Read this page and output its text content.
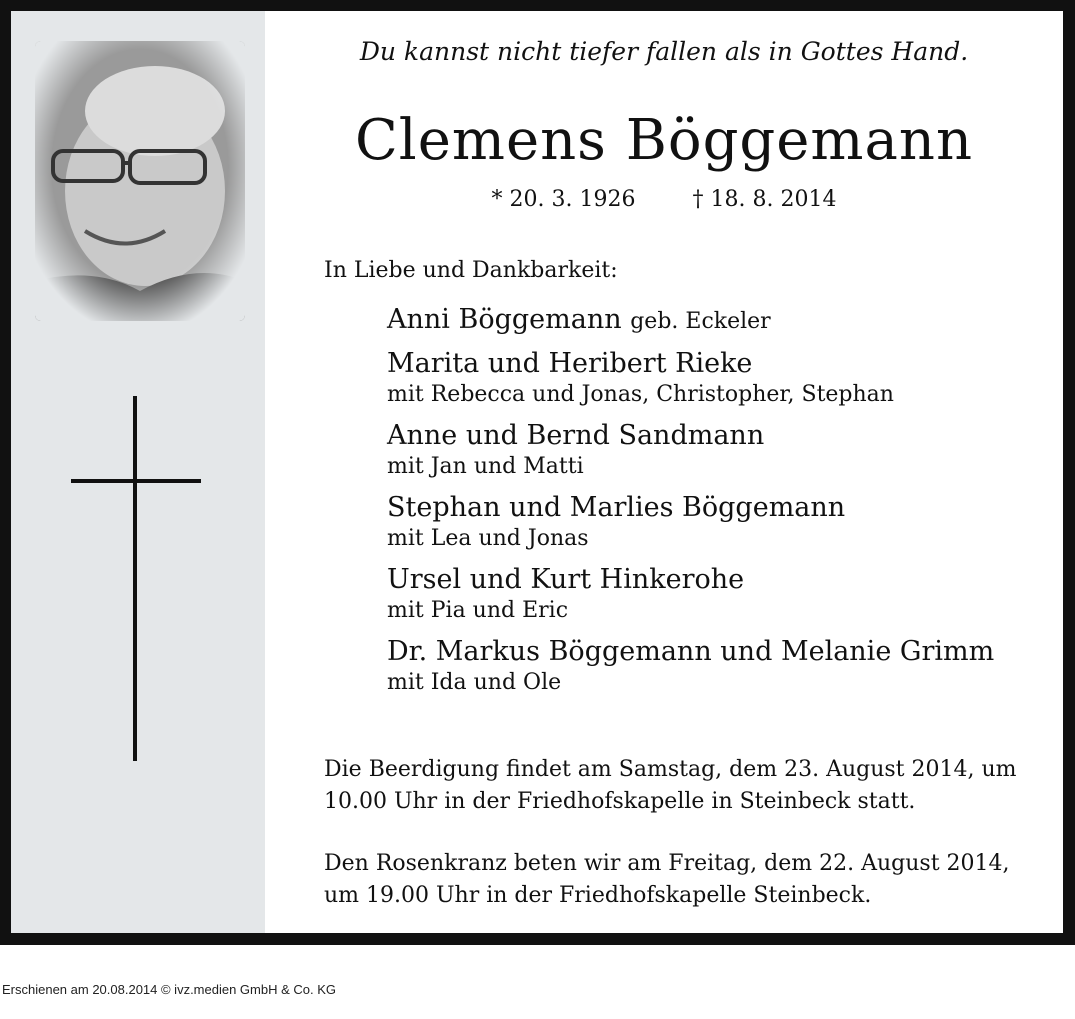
Du kannst nicht tiefer fallen als in Gottes Hand.
Clemens Böggemann
* 20. 3. 1926	† 18. 8. 2014
In Liebe und Dankbarkeit:
Anni Böggemann geb. Eckeler
Marita und Heribert Rieke
mit Rebecca und Jonas, Christopher, Stephan
Anne und Bernd Sandmann
mit Jan und Matti
Stephan und Marlies Böggemann
mit Lea und Jonas
Ursel und Kurt Hinkerohe
mit Pia und Eric
Dr. Markus Böggemann und Melanie Grimm
mit Ida und Ole
Die Beerdigung findet am Samstag, dem 23. August 2014, um 10.00 Uhr in der Friedhofskapelle in Steinbeck statt.
Den Rosenkranz beten wir am Freitag, dem 22. August 2014, um 19.00 Uhr in der Friedhofskapelle Steinbeck.
Erschienen am 20.08.2014 © ivz.medien GmbH & Co. KG
